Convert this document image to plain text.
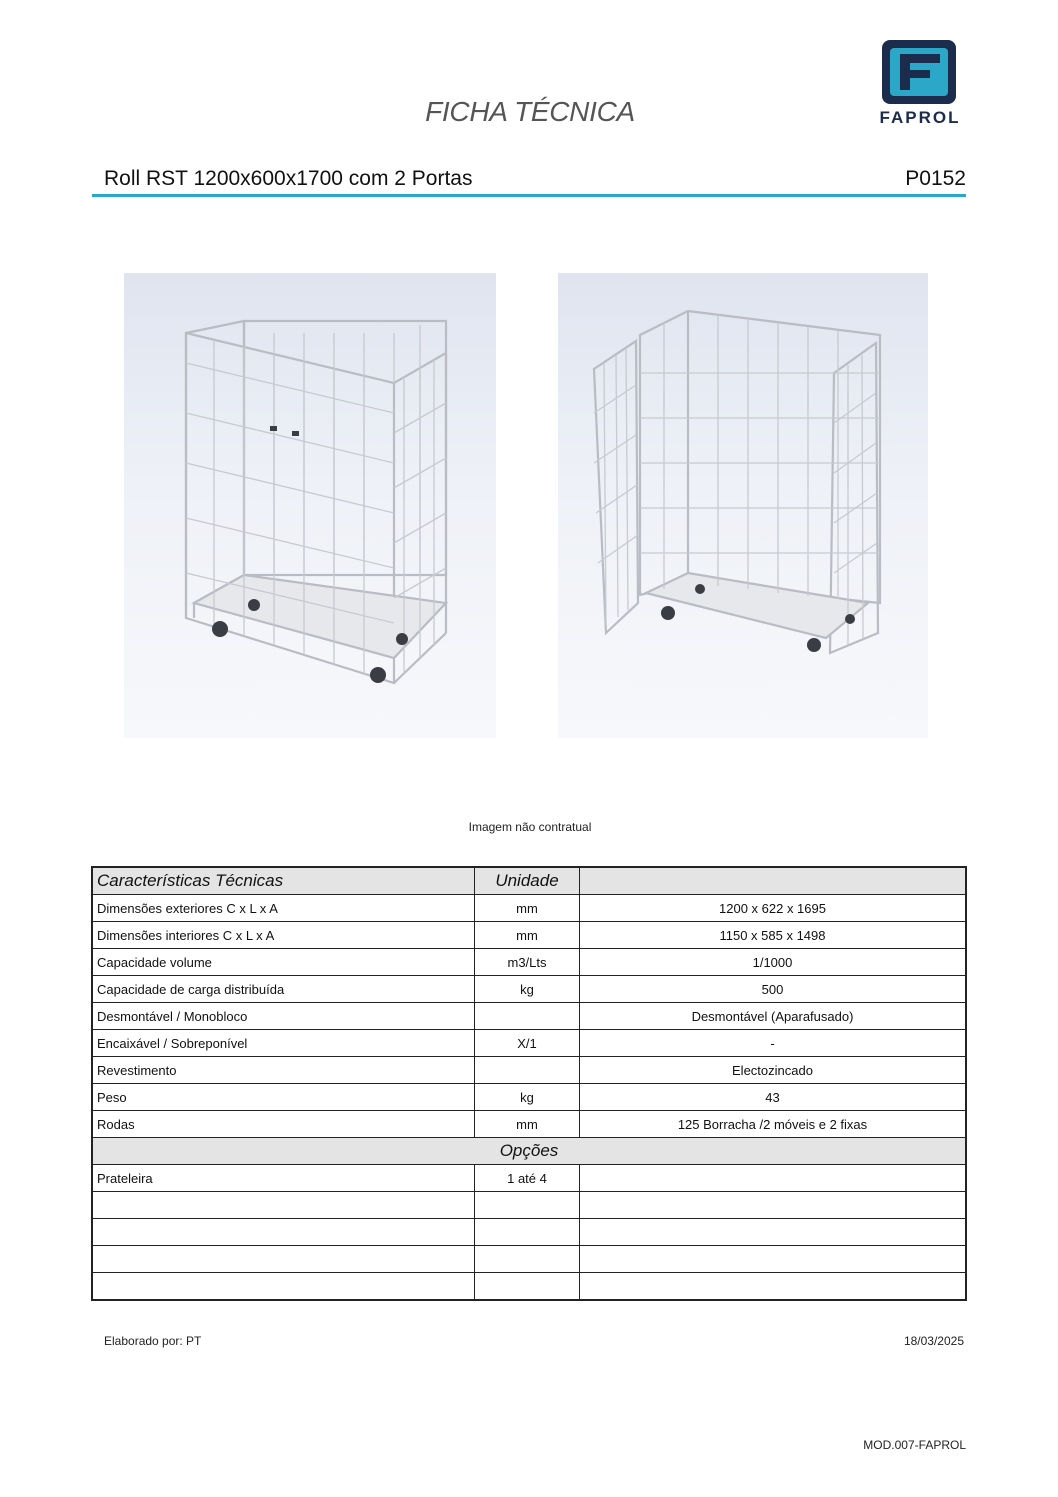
FICHA TÉCNICA	FAPROL
Roll RST 1200x600x1700 com 2 Portas	P0152
Imagem não contratual
Características Técnicas	Unidade	
Dimensões exteriores C x L x A	mm	1200 x 622 x 1695
Dimensões interiores C x L x A	mm	1150 x 585 x 1498
Capacidade volume	m3/Lts	1/1000
Capacidade de carga distribuída	kg	500
Desmontável / Monobloco		Desmontável (Aparafusado)
Encaixável / Sobreponível	X/1	-
Revestimento		Electozincado
Peso	kg	43
Rodas	mm	125 Borracha /2 móveis e 2 fixas
Opções		
Prateleira	1 até 4	

Elaborado por: PT	18/03/2025
MOD.007-FAPROL
